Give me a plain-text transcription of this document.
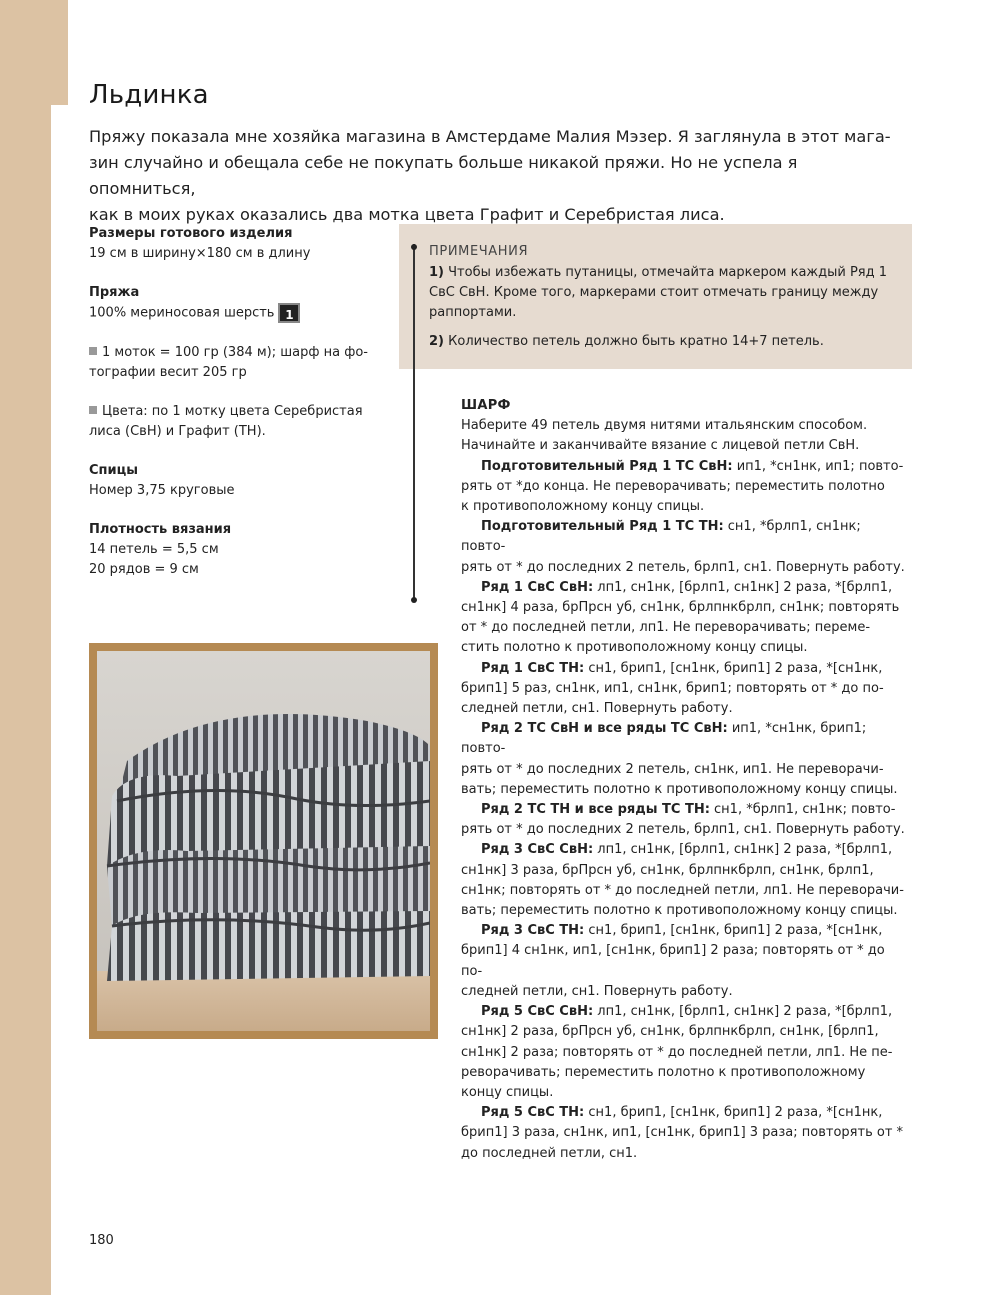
Льдинка
Пряжу показала мне хозяйка магазина в Амстердаме Малия Мэзер. Я заглянула в этот мага-
зин случайно и обещала себе не покупать больше никакой пряжи. Но не успела я опомниться,
как в моих руках оказались два мотка цвета Графит и Серебристая лиса.
Размеры готового изделия
19 см в ширину×180 см в длину
Пряжа
100% мериносовая шерсть 1
1 моток = 100 гр (384 м); шарф на фо-
тографии весит 205 гр
Цвета: по 1 мотку цвета Серебристая
лиса (СвН) и Графит (ТН).
Спицы
Номер 3,75 круговые
Плотность вязания
14 петель = 5,5 см
20 рядов = 9 см
ПРИМЕЧАНИЯ

1) Чтобы избежать путаницы, отмечайта маркером каждый Ряд 1
СвС СвН. Кроме того, маркерами стоит отмечать границу между
раппортами.

2) Количество петель должно быть кратно 14+7 петель.

ШАРФ

Наберите 49 петель двумя нитями итальянским способом.

Начинайте и заканчивайте вязание с лицевой петли СвН.

Подготовительный Ряд 1 ТС СвН: ип1, *сн1нк, ип1; повто-

рять от *до конца. Не переворачивать; переместить полотно

к противоположному концу спицы.

Подготовительный Ряд 1 ТС ТН: сн1, *брлп1, сн1нк; повто-

рять от * до последних 2 петель, брлп1, сн1. Повернуть работу.

Ряд 1 СвС СвН: лп1, сн1нк, [брлп1, сн1нк] 2 раза, *[брлп1,

сн1нк] 4 раза, брПрсн уб, сн1нк, брлпнкбрлп, сн1нк; повторять

от * до последней петли, лп1. Не переворачивать; переме-

стить полотно к противоположному концу спицы.

Ряд 1 СвС ТН: сн1, брип1, [сн1нк, брип1] 2 раза, *[сн1нк,

брип1] 5 раз, сн1нк, ип1, сн1нк, брип1; повторять от * до по-

следней петли, сн1. Повернуть работу.

Ряд 2 ТС СвН и все ряды ТС СвН: ип1, *сн1нк, брип1; повто-

рять от * до последних 2 петель, сн1нк, ип1. Не переворачи-

вать; переместить полотно к противоположному концу спицы.

Ряд 2 ТС ТН и все ряды ТС ТН: сн1, *брлп1, сн1нк; повто-

рять от * до последних 2 петель, брлп1, сн1. Повернуть работу.

Ряд 3 СвС СвН: лп1, сн1нк, [брлп1, сн1нк] 2 раза, *[брлп1,

сн1нк] 3 раза, брПрсн уб, сн1нк, брлпнкбрлп, сн1нк, брлп1,

сн1нк; повторять от * до последней петли, лп1. Не переворачи-

вать; переместить полотно к противоположному концу спицы.

Ряд 3 СвС ТН: сн1, брип1, [сн1нк, брип1] 2 раза, *[сн1нк,

брип1] 4 сн1нк, ип1, [сн1нк, брип1] 2 раза; повторять от * до по-

следней петли, сн1. Повернуть работу.

Ряд 5 СвС СвН: лп1, сн1нк, [брлп1, сн1нк] 2 раза, *[брлп1,

сн1нк] 2 раза, брПрсн уб, сн1нк, брлпнкбрлп, сн1нк, [брлп1,

сн1нк] 2 раза; повторять от * до последней петли, лп1. Не пе-

реворачивать; переместить полотно к противоположному

концу спицы.

Ряд 5 СвС ТН: сн1, брип1, [сн1нк, брип1] 2 раза, *[сн1нк,

брип1] 3 раза, сн1нк, ип1, [сн1нк, брип1] 3 раза; повторять от *

до последней петли, сн1.

180
